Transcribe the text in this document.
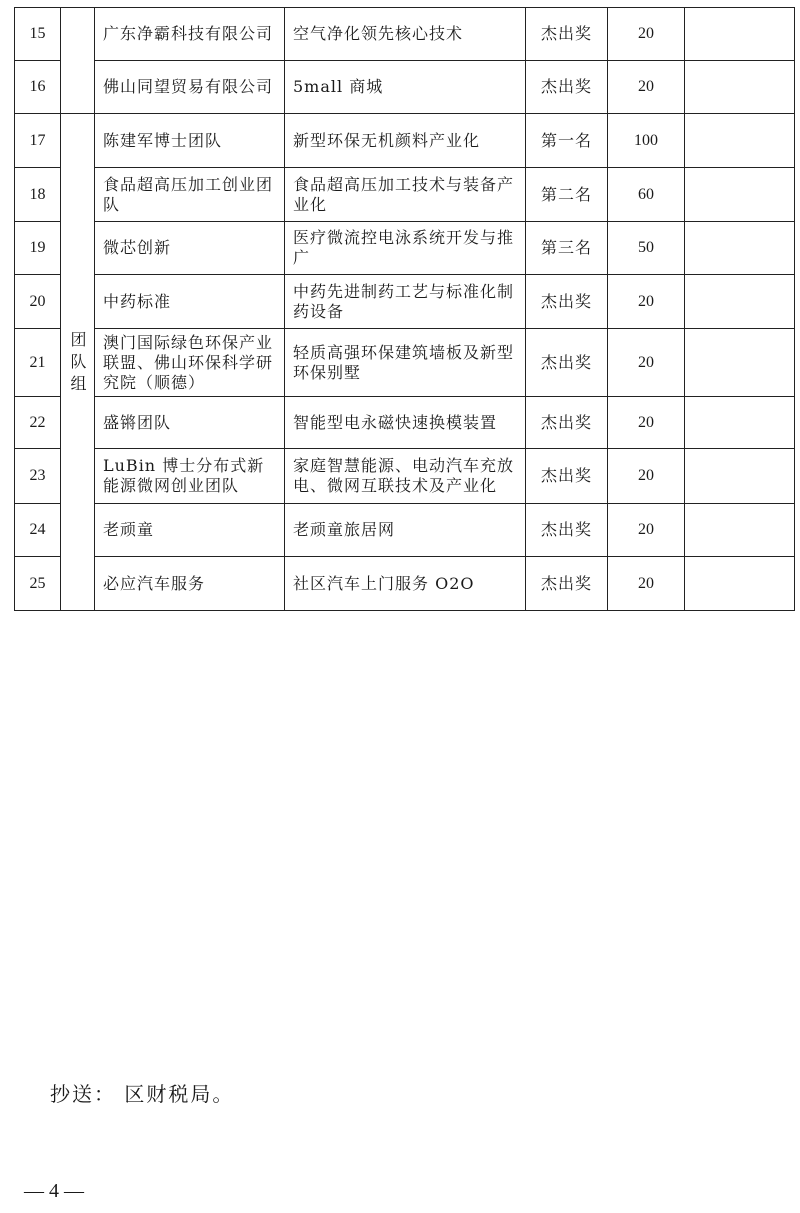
15		广东净霸科技有限公司	空气净化领先核心技术	杰出奖	20	
16		佛山同望贸易有限公司	5mall 商城	杰出奖	20	
17	团队组	陈建军博士团队	新型环保无机颜料产业化	第一名	100	
18		食品超高压加工创业团队	食品超高压加工技术与装备产业化	第二名	60	
19		微芯创新	医疗微流控电泳系统开发与推广	第三名	50	
20		中药标准	中药先进制药工艺与标准化制药设备	杰出奖	20	
21		澳门国际绿色环保产业联盟、佛山环保科学研究院（顺德）	轻质高强环保建筑墙板及新型环保别墅	杰出奖	20	
22		盛锵团队	智能型电永磁快速换模装置	杰出奖	20	
23		LuBin 博士分布式新能源微网创业团队	家庭智慧能源、电动汽车充放电、微网互联技术及产业化	杰出奖	20	
24		老顽童	老顽童旅居网	杰出奖	20	
25		必应汽车服务	社区汽车上门服务 O2O	杰出奖	20	
抄送： 区财税局。
— 4 —
